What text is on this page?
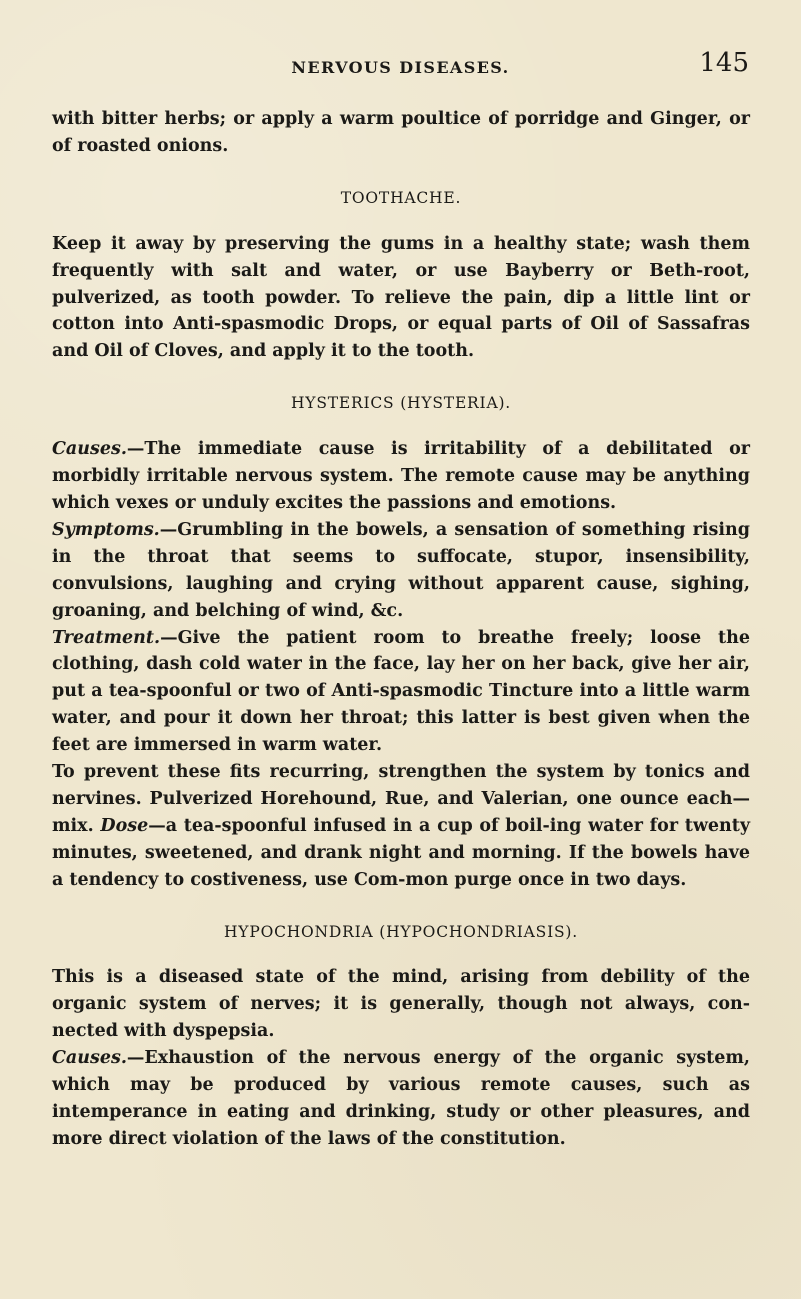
NERVOUS DISEASES.	145

with bitter herbs; or apply a warm poultice of porridge and Ginger, or of roasted onions.

TOOTHACHE.

Keep it away by preserving the gums in a healthy state; wash them frequently with salt and water, or use Bayberry or Beth-root, pulverized, as tooth powder. To relieve the pain, dip a little lint or cotton into Anti-spasmodic Drops, or equal parts of Oil of Sassafras and Oil of Cloves, and apply it to the tooth.

HYSTERICS (HYSTERIA).

Causes.—The immediate cause is irritability of a debilitated or morbidly irritable nervous system. The remote cause may be anything which vexes or unduly excites the passions and emotions.

Symptoms.—Grumbling in the bowels, a sensation of something rising in the throat that seems to suffocate, stupor, insensibility, convulsions, laughing and crying without apparent cause, sighing, groaning, and belching of wind, &c.

Treatment.—Give the patient room to breathe freely; loose the clothing, dash cold water in the face, lay her on her back, give her air, put a tea-spoonful or two of Anti-spasmodic Tincture into a little warm water, and pour it down her throat; this latter is best given when the feet are immersed in warm water.

To prevent these fits recurring, strengthen the system by tonics and nervines. Pulverized Horehound, Rue, and Valerian, one ounce each—mix. Dose—a tea-spoonful infused in a cup of boil-ing water for twenty minutes, sweetened, and drank night and morning. If the bowels have a tendency to costiveness, use Com-mon purge once in two days.

HYPOCHONDRIA (HYPOCHONDRIASIS).

This is a diseased state of the mind, arising from debility of the organic system of nerves; it is generally, though not always, con-nected with dyspepsia.

Causes.—Exhaustion of the nervous energy of the organic system, which may be produced by various remote causes, such as intemperance in eating and drinking, study or other pleasures, and more direct violation of the laws of the constitution.
